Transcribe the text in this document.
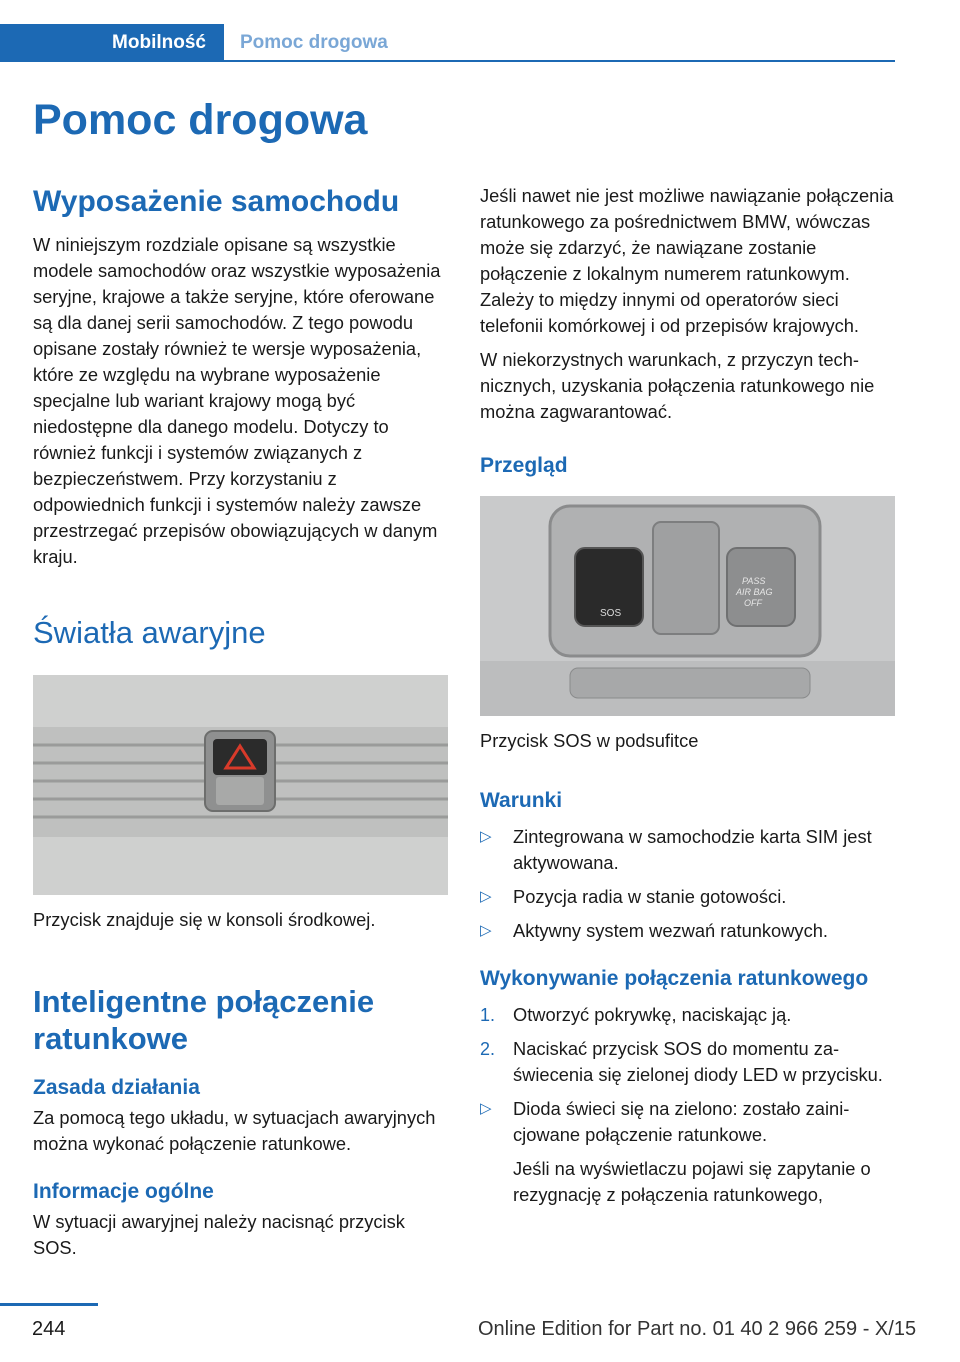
Mobilność	Pomoc drogowa
Pomoc drogowa
Wyposażenie samochodu

W niniejszym rozdziale opisane są wszystkie modele samochodów oraz wszystkie wyposażenia seryjne, krajowe a także seryjne, które oferowane są dla danej serii samochodów. Z tego powodu opisane zostały również te wersje wyposażenia, które ze względu na wybrane wyposażenie specjalne lub wariant krajowy mogą być niedostępne dla danego modelu. Dotyczy to również funkcji i systemów związanych z bezpieczeństwem. Przy korzystaniu z odpowiednich funkcji i systemów należy zawsze przestrzegać przepisów obowiązujących w danym kraju.

Światła awaryjne

Przycisk znajduje się w konsoli środkowej.

Inteligentne połączenie ratunkowe
Zasada działania

Za pomocą tego układu, w sytuacjach awaryjnych można wykonać połączenie ratunkowe.

Informacje ogólne

W sytuacji awaryjnej należy nacisnąć przycisk SOS.

Jeśli nawet nie jest możliwe nawiązanie połączenia ratunkowego za pośrednictwem BMW, wówczas może się zdarzyć, że nawiązane zostanie połączenie z lokalnym numerem ratunkowym. Zależy to między innymi od operatorów sieci telefonii komórkowej i od przepisów krajowych.

W niekorzystnych warunkach, z przyczyn technicznych, uzyskania połączenia ratunkowego nie można zagwarantować.

Przegląd
SOS
PASS
AIR BAG
OFF

Przycisk SOS w podsufitce

Warunki
▷ Zintegrowana w samochodzie karta SIM jest aktywowana.
▷ Pozycja radia w stanie gotowości.
▷ Aktywny system wezwań ratunkowych.
Wykonywanie połączenia ratunkowego
1. Otworzyć pokrywkę, naciskając ją.
2. Naciskać przycisk SOS do momentu zaświecenia się zielonej diody LED w przycisku.
▷ Dioda świeci się na zielono: zostało zainicjowane połączenie ratunkowe.
Jeśli na wyświetlaczu pojawi się zapytanie o rezygnację z połączenia ratunkowego,
244	Online Edition for Part no. 01 40 2 966 259 - X/15
